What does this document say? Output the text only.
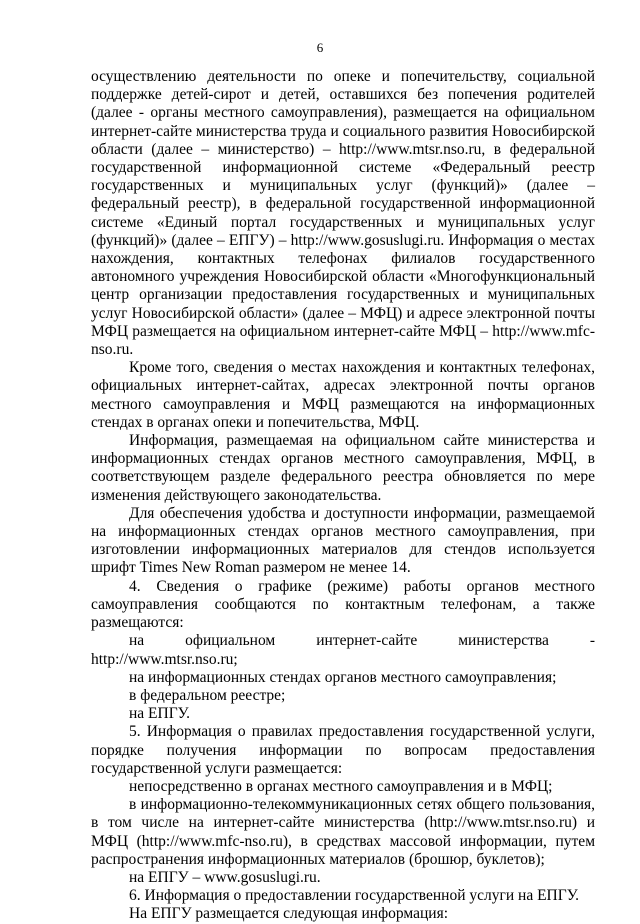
6

осуществлению деятельности по опеке и попечительству, социальной поддержке детей-сирот и детей, оставшихся без попечения родителей (далее - органы местного самоуправления), размещается на официальном интернет-сайте министерства труда и социального развития Новосибирской области (далее – министерство) – http://www.mtsr.nso.ru, в федеральной государственной информационной системе «Федеральный реестр государственных и муниципальных услуг (функций)» (далее – федеральный реестр), в федеральной государственной информационной системе «Единый портал государственных и муниципальных услуг (функций)» (далее – ЕПГУ) – http://www.gosuslugi.ru. Информация о местах нахождения, контактных телефонах филиалов государственного автономного учреждения Новосибирской области «Многофункциональный центр организации предоставления государственных и муниципальных услуг Новосибирской области» (далее – МФЦ) и адресе электронной почты МФЦ размещается на официальном интернет-сайте МФЦ – http://www.mfc-nso.ru.

Кроме того, сведения о местах нахождения и контактных телефонах, официальных интернет-сайтах, адресах электронной почты органов местного самоуправления и МФЦ размещаются на информационных стендах в органах опеки и попечительства, МФЦ.

Информация, размещаемая на официальном сайте министерства и информационных стендах органов местного самоуправления, МФЦ, в соответствующем разделе федерального реестра обновляется по мере изменения действующего законодательства.

Для обеспечения удобства и доступности информации, размещаемой на информационных стендах органов местного самоуправления, при изготовлении информационных материалов для стендов используется шрифт Times New Roman размером не менее 14.

4. Сведения о графике (режиме) работы органов местного самоуправления сообщаются по контактным телефонам, а также размещаются:

на официальном интернет-сайте министерства - http://www.mtsr.nso.ru;

на информационных стендах органов местного самоуправления;

в федеральном реестре;

на ЕПГУ.

5. Информация о правилах предоставления государственной услуги, порядке получения информации по вопросам предоставления государственной услуги размещается:

непосредственно в органах местного самоуправления и в МФЦ;

в информационно-телекоммуникационных сетях общего пользования, в том числе на интернет-сайте министерства (http://www.mtsr.nso.ru) и МФЦ (http://www.mfc-nso.ru), в средствах массовой информации, путем распространения информационных материалов (брошюр, буклетов);

на ЕПГУ – www.gosuslugi.ru.

6. Информация о предоставлении государственной услуги на ЕПГУ.

На ЕПГУ размещается следующая информация:
